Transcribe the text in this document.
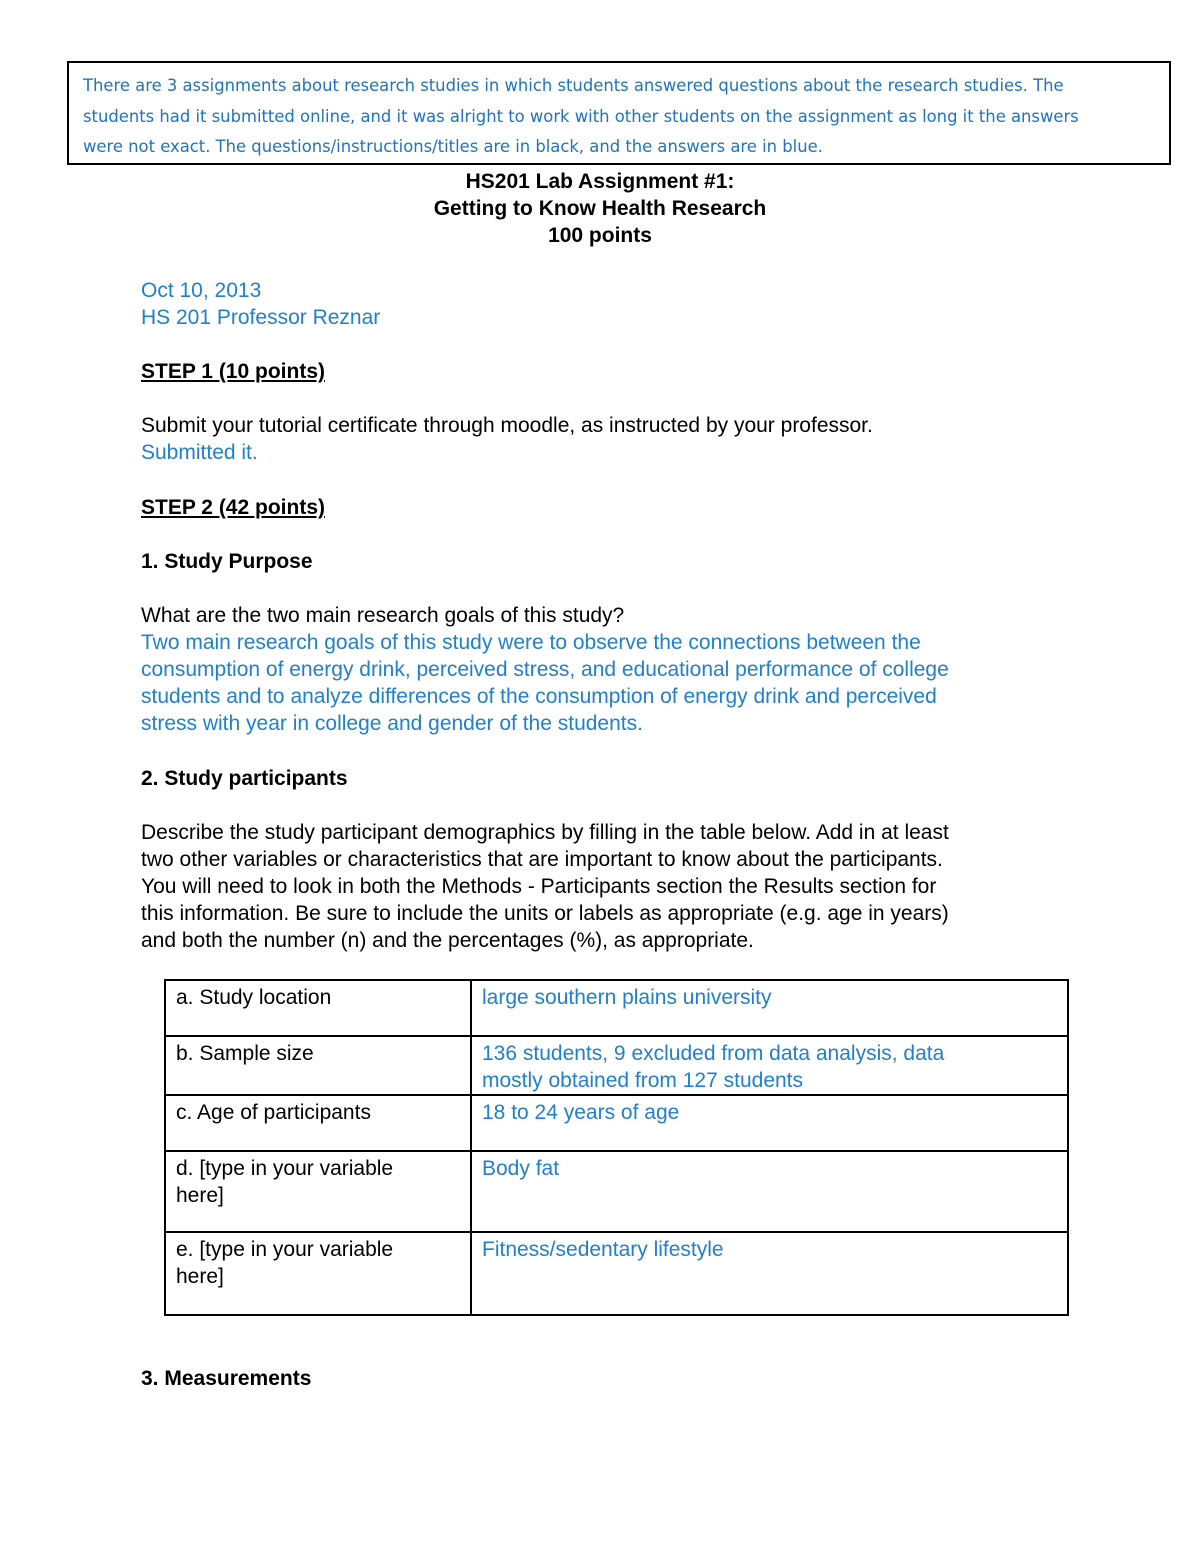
There are 3 assignments about research studies in which students answered questions about the research studies. The
students had it submitted online, and it was alright to work with other students on the assignment as long it the answers
were not exact. The questions/instructions/titles are in black, and the answers are in blue.
HS201 Lab Assignment #1:
Getting to Know Health Research
100 points
Oct 10, 2013
HS 201 Professor Reznar
STEP 1 (10 points)
Submit your tutorial certificate through moodle, as instructed by your professor.
Submitted it.
STEP 2 (42 points)
1. Study Purpose
What are the two main research goals of this study?
Two main research goals of this study were to observe the connections between the
consumption of energy drink, perceived stress, and educational performance of college
students and to analyze differences of the consumption of energy drink and perceived
stress with year in college and gender of the students.
2. Study participants
Describe the study participant demographics by filling in the table below. Add in at least
two other variables or characteristics that are important to know about the participants.
You will need to look in both the Methods - Participants section the Results section for
this information. Be sure to include the units or labels as appropriate (e.g. age in years)
and both the number (n) and the percentages (%), as appropriate.
a. Study location	large southern plains university

b. Sample size	136 students, 9 excluded from data analysis, data
mostly obtained from 127 students

c. Age of participants	18 to 24 years of age

d. [type in your variable
here]	Body fat

e. [type in your variable
here]	Fitness/sedentary lifestyle
3. Measurements
